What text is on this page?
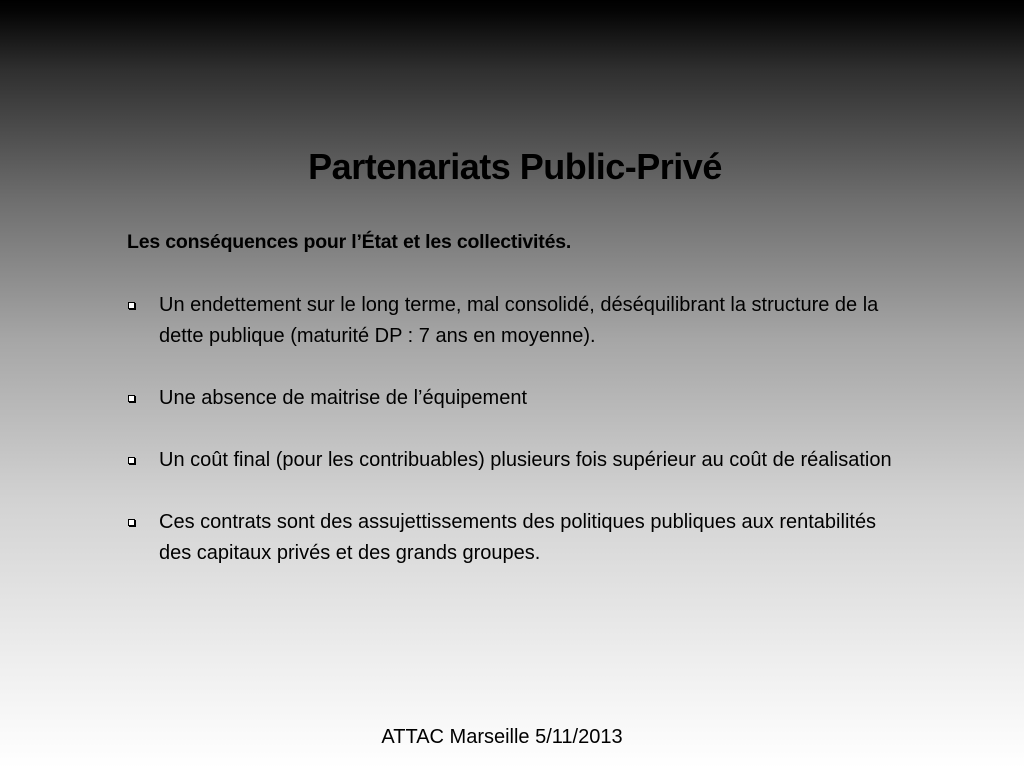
Partenariats Public-Privé
Les conséquences pour l’État et les collectivités.
Un endettement sur le long terme, mal consolidé, déséquilibrant la structure de la dette publique (maturité DP : 7 ans en moyenne).
Une absence de maitrise de l’équipement
Un coût final (pour les contribuables) plusieurs fois supérieur au coût de réalisation
Ces contrats sont des assujettissements des politiques publiques aux rentabilités des capitaux privés et des grands groupes.
ATTAC Marseille 5/11/2013
